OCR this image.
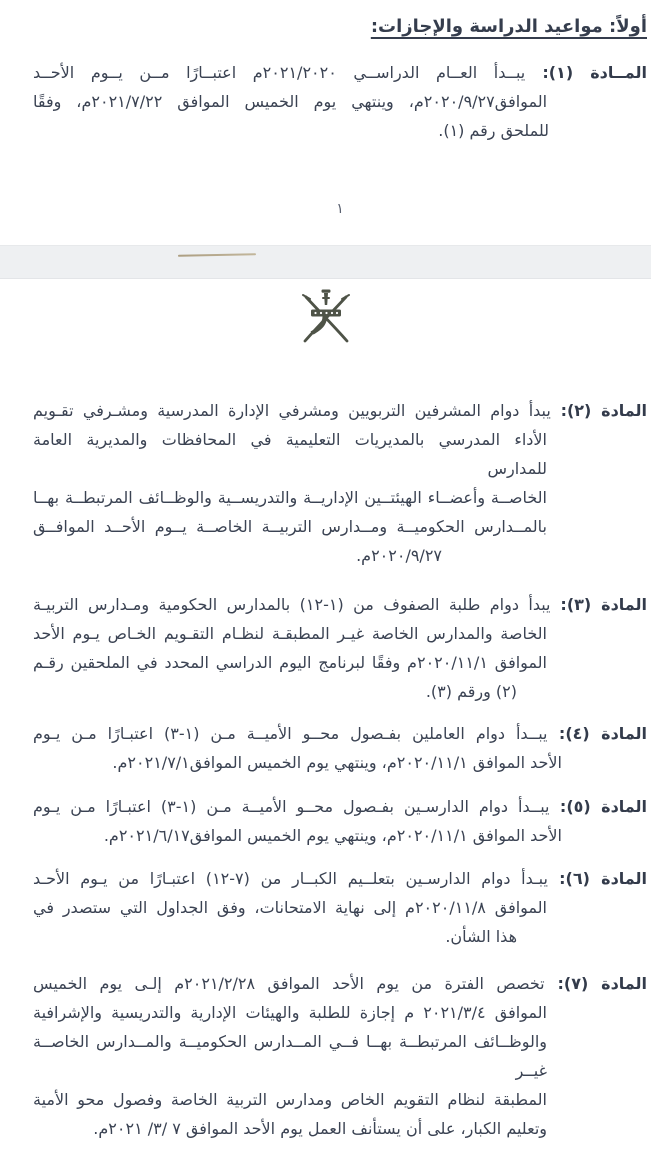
أولاً: مواعيد الدراسة والإجازات:
المــادة (١): يبــدأ العــام الدراســي ٢٠٢١/٢٠٢٠م اعتبــارًا مــن يــوم الأحــد
الموافق٢٠٢٠/٩/٢٧م، وينتهي يوم الخميس الموافق ٢٠٢١/٧/٢٢م، وفقًا
للملحق رقم (١).
١
المادة (٢): يبدأ دوام المشرفين التربويين ومشرفي الإدارة المدرسية ومشـرفي تقـويم
الأداء المدرسي بالمديريات التعليمية في المحافظات والمديرية العامة للمدارس
الخاصــة وأعضــاء الهيئتــين الإداريــة والتدريســية والوظــائف المرتبطــة بهــا
بالمــدارس الحكوميــة ومــدارس التربيــة الخاصــة يــوم الأحــد الموافــق
٢٠٢٠/٩/٢٧م.
المادة (٣): يبدأ دوام طلبة الصفوف من (١-١٢) بالمدارس الحكومية ومـدارس التربيـة
الخاصة والمدارس الخاصة غيـر المطبقـة لنظـام التقـويم الخـاص يـوم الأحد
الموافق ٢٠٢٠/١١/١م وفقًا لبرنامج اليوم الدراسي المحدد في الملحقين رقـم
(٢) ورقم (٣).
المادة (٤): يبــدأ دوام العاملين بفـصول محــو الأميــة مـن (١-٣) اعتبـارًا مـن يـوم
الأحد الموافق ٢٠٢٠/١١/١م، وينتهي يوم الخميس الموافق٢٠٢١/٧/١م.
المادة (٥): يبــدأ دوام الدارسـين بفـصول محــو الأميــة مـن (١-٣) اعتبـارًا مـن يـوم
الأحد الموافق ٢٠٢٠/١١/١م، وينتهي يوم الخميس الموافق٢٠٢١/٦/١٧م.
المادة (٦): يبـدأ دوام الدارسـين بتعلــيم الكبــار من (٧-١٢) اعتبـارًا من يـوم الأحـد
الموافق ٢٠٢٠/١١/٨م إلى نهاية الامتحانات، وفق الجداول التي ستصدر في
هذا الشأن.
المادة (٧): تخصص الفترة من يوم الأحد الموافق ٢٠٢١/٢/٢٨م إلـى يوم الخميس
الموافق ٢٠٢١/٣/٤ م إجازة للطلبة والهيئات الإدارية والتدريسية والإشرافية
والوظــائف المرتبطــة بهــا فــي المــدارس الحكوميــة والمــدارس الخاصــة غيــر
المطبقة لنظام التقويم الخاص ومدارس التربية الخاصة وفصول محو الأمية
وتعليم الكبار، على أن يستأنف العمل يوم الأحد الموافق ٧ /٣/ ٢٠٢١م.
